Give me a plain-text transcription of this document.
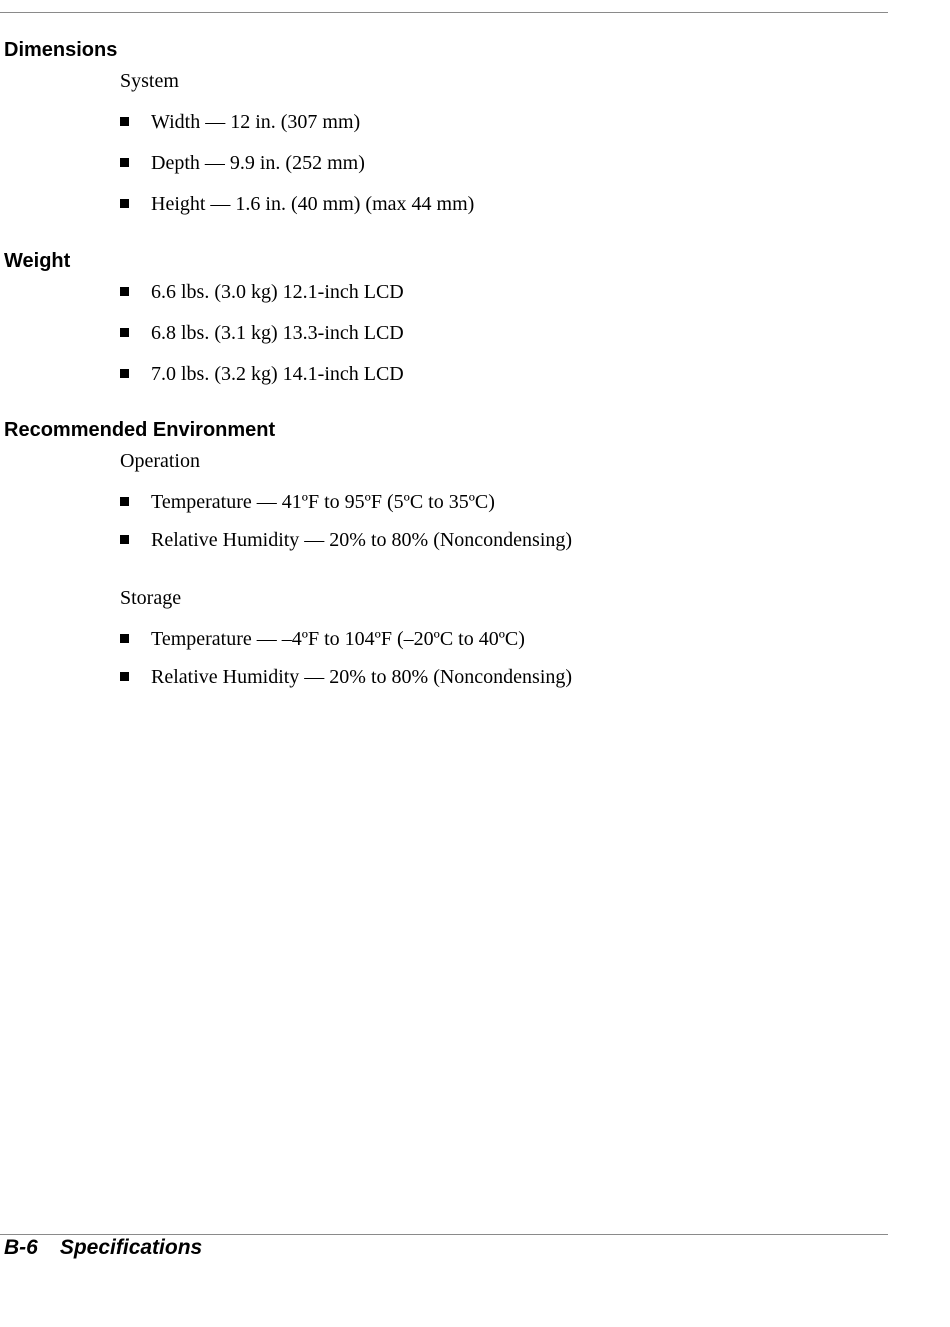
Dimensions
System
Width — 12 in. (307 mm)
Depth — 9.9 in. (252 mm)
Height — 1.6 in. (40 mm) (max 44 mm)
Weight
6.6 lbs. (3.0 kg) 12.1-inch LCD
6.8 lbs. (3.1 kg) 13.3-inch LCD
7.0 lbs. (3.2 kg) 14.1-inch LCD
Recommended Environment
Operation
Temperature — 41ºF to 95ºF (5ºC to 35ºC)
Relative Humidity — 20% to 80% (Noncondensing)
Storage
Temperature — –4ºF to 104ºF (–20ºC to 40ºC)
Relative Humidity — 20% to 80% (Noncondensing)
B-6 Specifications
